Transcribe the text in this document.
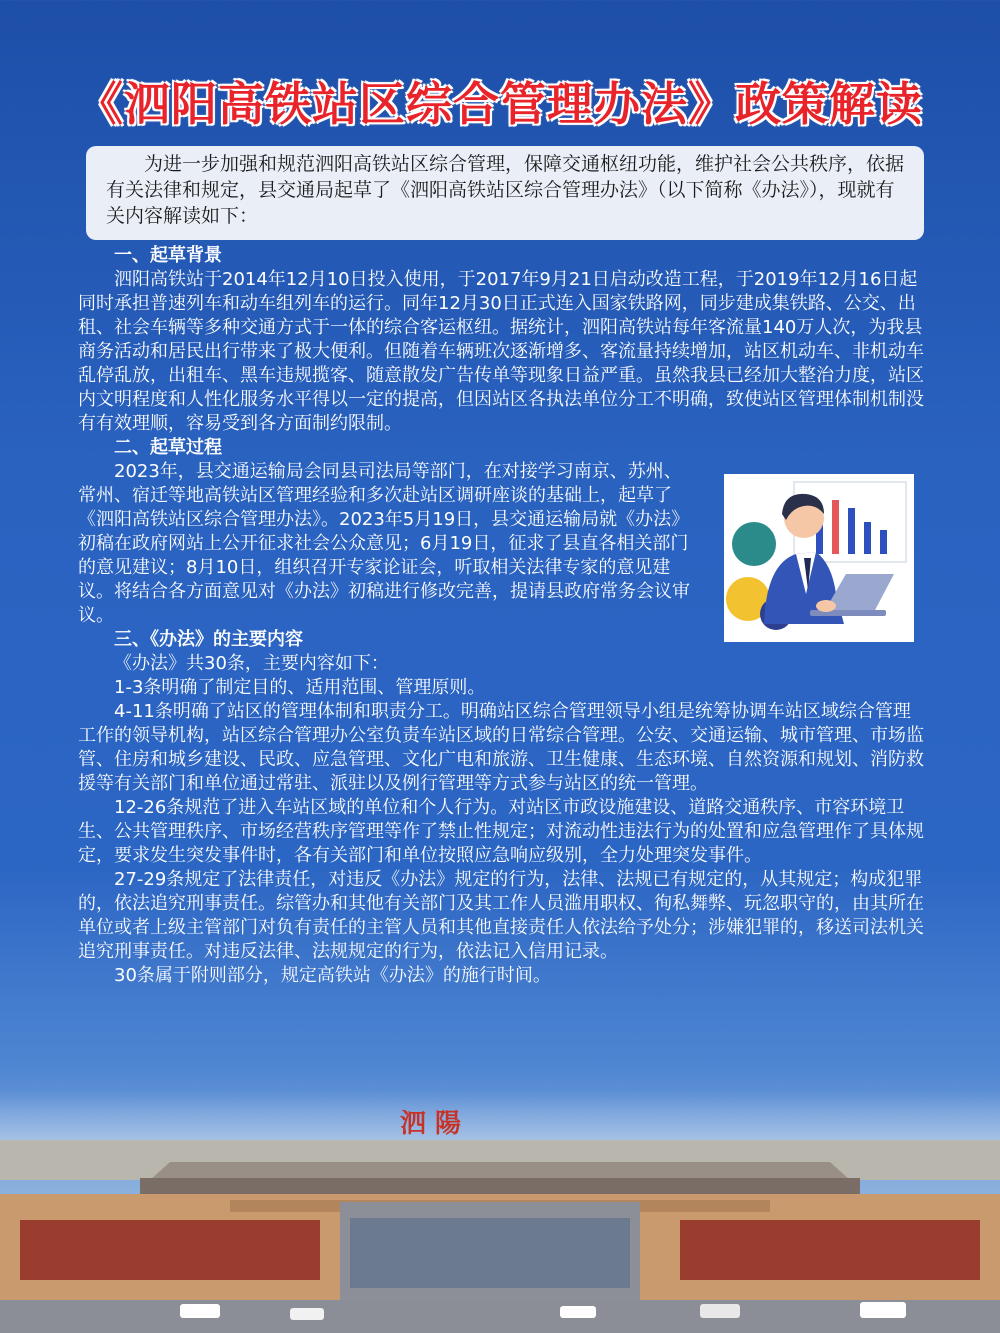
《泗阳高铁站区综合管理办法》政策解读

为进一步加强和规范泗阳高铁站区综合管理，保障交通枢纽功能，维护社会公共秩序，依据有关法律和规定，县交通局起草了《泗阳高铁站区综合管理办法》（以下简称《办法》），现就有关内容解读如下：

一、起草背景

泗阳高铁站于2014年12月10日投入使用，于2017年9月21日启动改造工程，于2019年12月16日起同时承担普速列车和动车组列车的运行。同年12月30日正式连入国家铁路网，同步建成集铁路、公交、出租、社会车辆等多种交通方式于一体的综合客运枢纽。据统计，泗阳高铁站每年客流量140万人次，为我县商务活动和居民出行带来了极大便利。但随着车辆班次逐渐增多、客流量持续增加，站区机动车、非机动车乱停乱放，出租车、黑车违规揽客、随意散发广告传单等现象日益严重。虽然我县已经加大整治力度，站区内文明程度和人性化服务水平得以一定的提高，但因站区各执法单位分工不明确，致使站区管理体制机制没有有效理顺，容易受到各方面制约限制。

二、起草过程

2023年，县交通运输局会同县司法局等部门，在对接学习南京、苏州、常州、宿迁等地高铁站区管理经验和多次赴站区调研座谈的基础上，起草了《泗阳高铁站区综合管理办法》。2023年5月19日，县交通运输局就《办法》初稿在政府网站上公开征求社会公众意见；6月19日，征求了县直各相关部门的意见建议；8月10日，组织召开专家论证会，听取相关法律专家的意见建议。将结合各方面意见对《办法》初稿进行修改完善，提请县政府常务会议审议。

三、《办法》的主要内容

《办法》共30条，主要内容如下：

1-3条明确了制定目的、适用范围、管理原则。

4-11条明确了站区的管理体制和职责分工。明确站区综合管理领导小组是统筹协调车站区域综合管理工作的领导机构，站区综合管理办公室负责车站区域的日常综合管理。公安、交通运输、城市管理、市场监管、住房和城乡建设、民政、应急管理、文化广电和旅游、卫生健康、生态环境、自然资源和规划、消防救援等有关部门和单位通过常驻、派驻以及例行管理等方式参与站区的统一管理。

12-26条规范了进入车站区域的单位和个人行为。对站区市政设施建设、道路交通秩序、市容环境卫生、公共管理秩序、市场经营秩序管理等作了禁止性规定；对流动性违法行为的处置和应急管理作了具体规定，要求发生突发事件时，各有关部门和单位按照应急响应级别，全力处理突发事件。

27-29条规定了法律责任，对违反《办法》规定的行为，法律、法规已有规定的，从其规定；构成犯罪的，依法追究刑事责任。综管办和其他有关部门及其工作人员滥用职权、徇私舞弊、玩忽职守的，由其所在单位或者上级主管部门对负有责任的主管人员和其他直接责任人依法给予处分；涉嫌犯罪的，移送司法机关追究刑事责任。对违反法律、法规规定的行为，依法记入信用记录。

30条属于附则部分，规定高铁站《办法》的施行时间。

泗 陽
